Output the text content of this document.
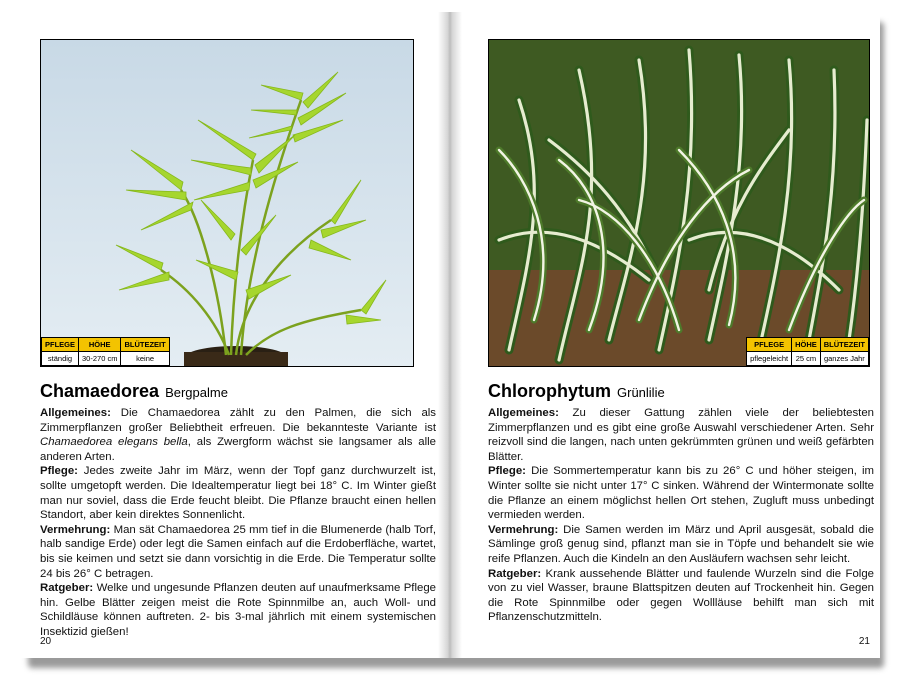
PFLEGE	HÖHE	BLÜTEZEIT
ständig	30-270 cm	keine
Chamaedorea Bergpalme

Allgemeines: Die Chamaedorea zählt zu den Palmen, die sich als Zimmerpflanzen großer Beliebtheit erfreuen. Die bekannteste Variante ist Chamaedorea elegans bella, als Zwergform wächst sie langsamer als alle anderen Arten.

Pflege: Jedes zweite Jahr im März, wenn der Topf ganz durchwurzelt ist, sollte umgetopft werden. Die Idealtemperatur liegt bei 18° C. Im Winter gießt man nur soviel, dass die Erde feucht bleibt. Die Pflanze braucht einen hellen Standort, aber kein direktes Sonnenlicht.

Vermehrung: Man sät Chamaedorea 25 mm tief in die Blumenerde (halb Torf, halb sandige Erde) oder legt die Samen einfach auf die Erdoberfläche, wartet, bis sie keimen und setzt sie dann vorsichtig in die Erde. Die Temperatur sollte 24 bis 26° C betragen.

Ratgeber: Welke und ungesunde Pflanzen deuten auf unaufmerksame Pflege hin. Gelbe Blätter zeigen meist die Rote Spinnmilbe an, auch Woll- und Schildläuse können auftreten. 2- bis 3-mal jährlich mit einem systemischen Insektizid gießen!

20
PFLEGE	HÖHE	BLÜTEZEIT
pflegeleicht	25 cm	ganzes Jahr
Chlorophytum Grünlilie

Allgemeines: Zu dieser Gattung zählen viele der beliebtesten Zimmerpflanzen und es gibt eine große Auswahl verschiedener Arten. Sehr reizvoll sind die langen, nach unten gekrümmten grünen und weiß gefärbten Blätter.

Pflege: Die Sommertemperatur kann bis zu 26° C und höher steigen, im Winter sollte sie nicht unter 17° C sinken. Während der Wintermonate sollte die Pflanze an einem möglichst hellen Ort stehen, Zugluft muss unbedingt vermieden werden.

Vermehrung: Die Samen werden im März und April ausgesät, sobald die Sämlinge groß genug sind, pflanzt man sie in Töpfe und behandelt sie wie reife Pflanzen. Auch die Kindeln an den Ausläufern wachsen sehr leicht.

Ratgeber: Krank aussehende Blätter und faulende Wurzeln sind die Folge von zu viel Wasser, braune Blattspitzen deuten auf Trockenheit hin. Gegen die Rote Spinnmilbe oder gegen Wollläuse behilft man sich mit Pflanzenschutzmitteln.

21
